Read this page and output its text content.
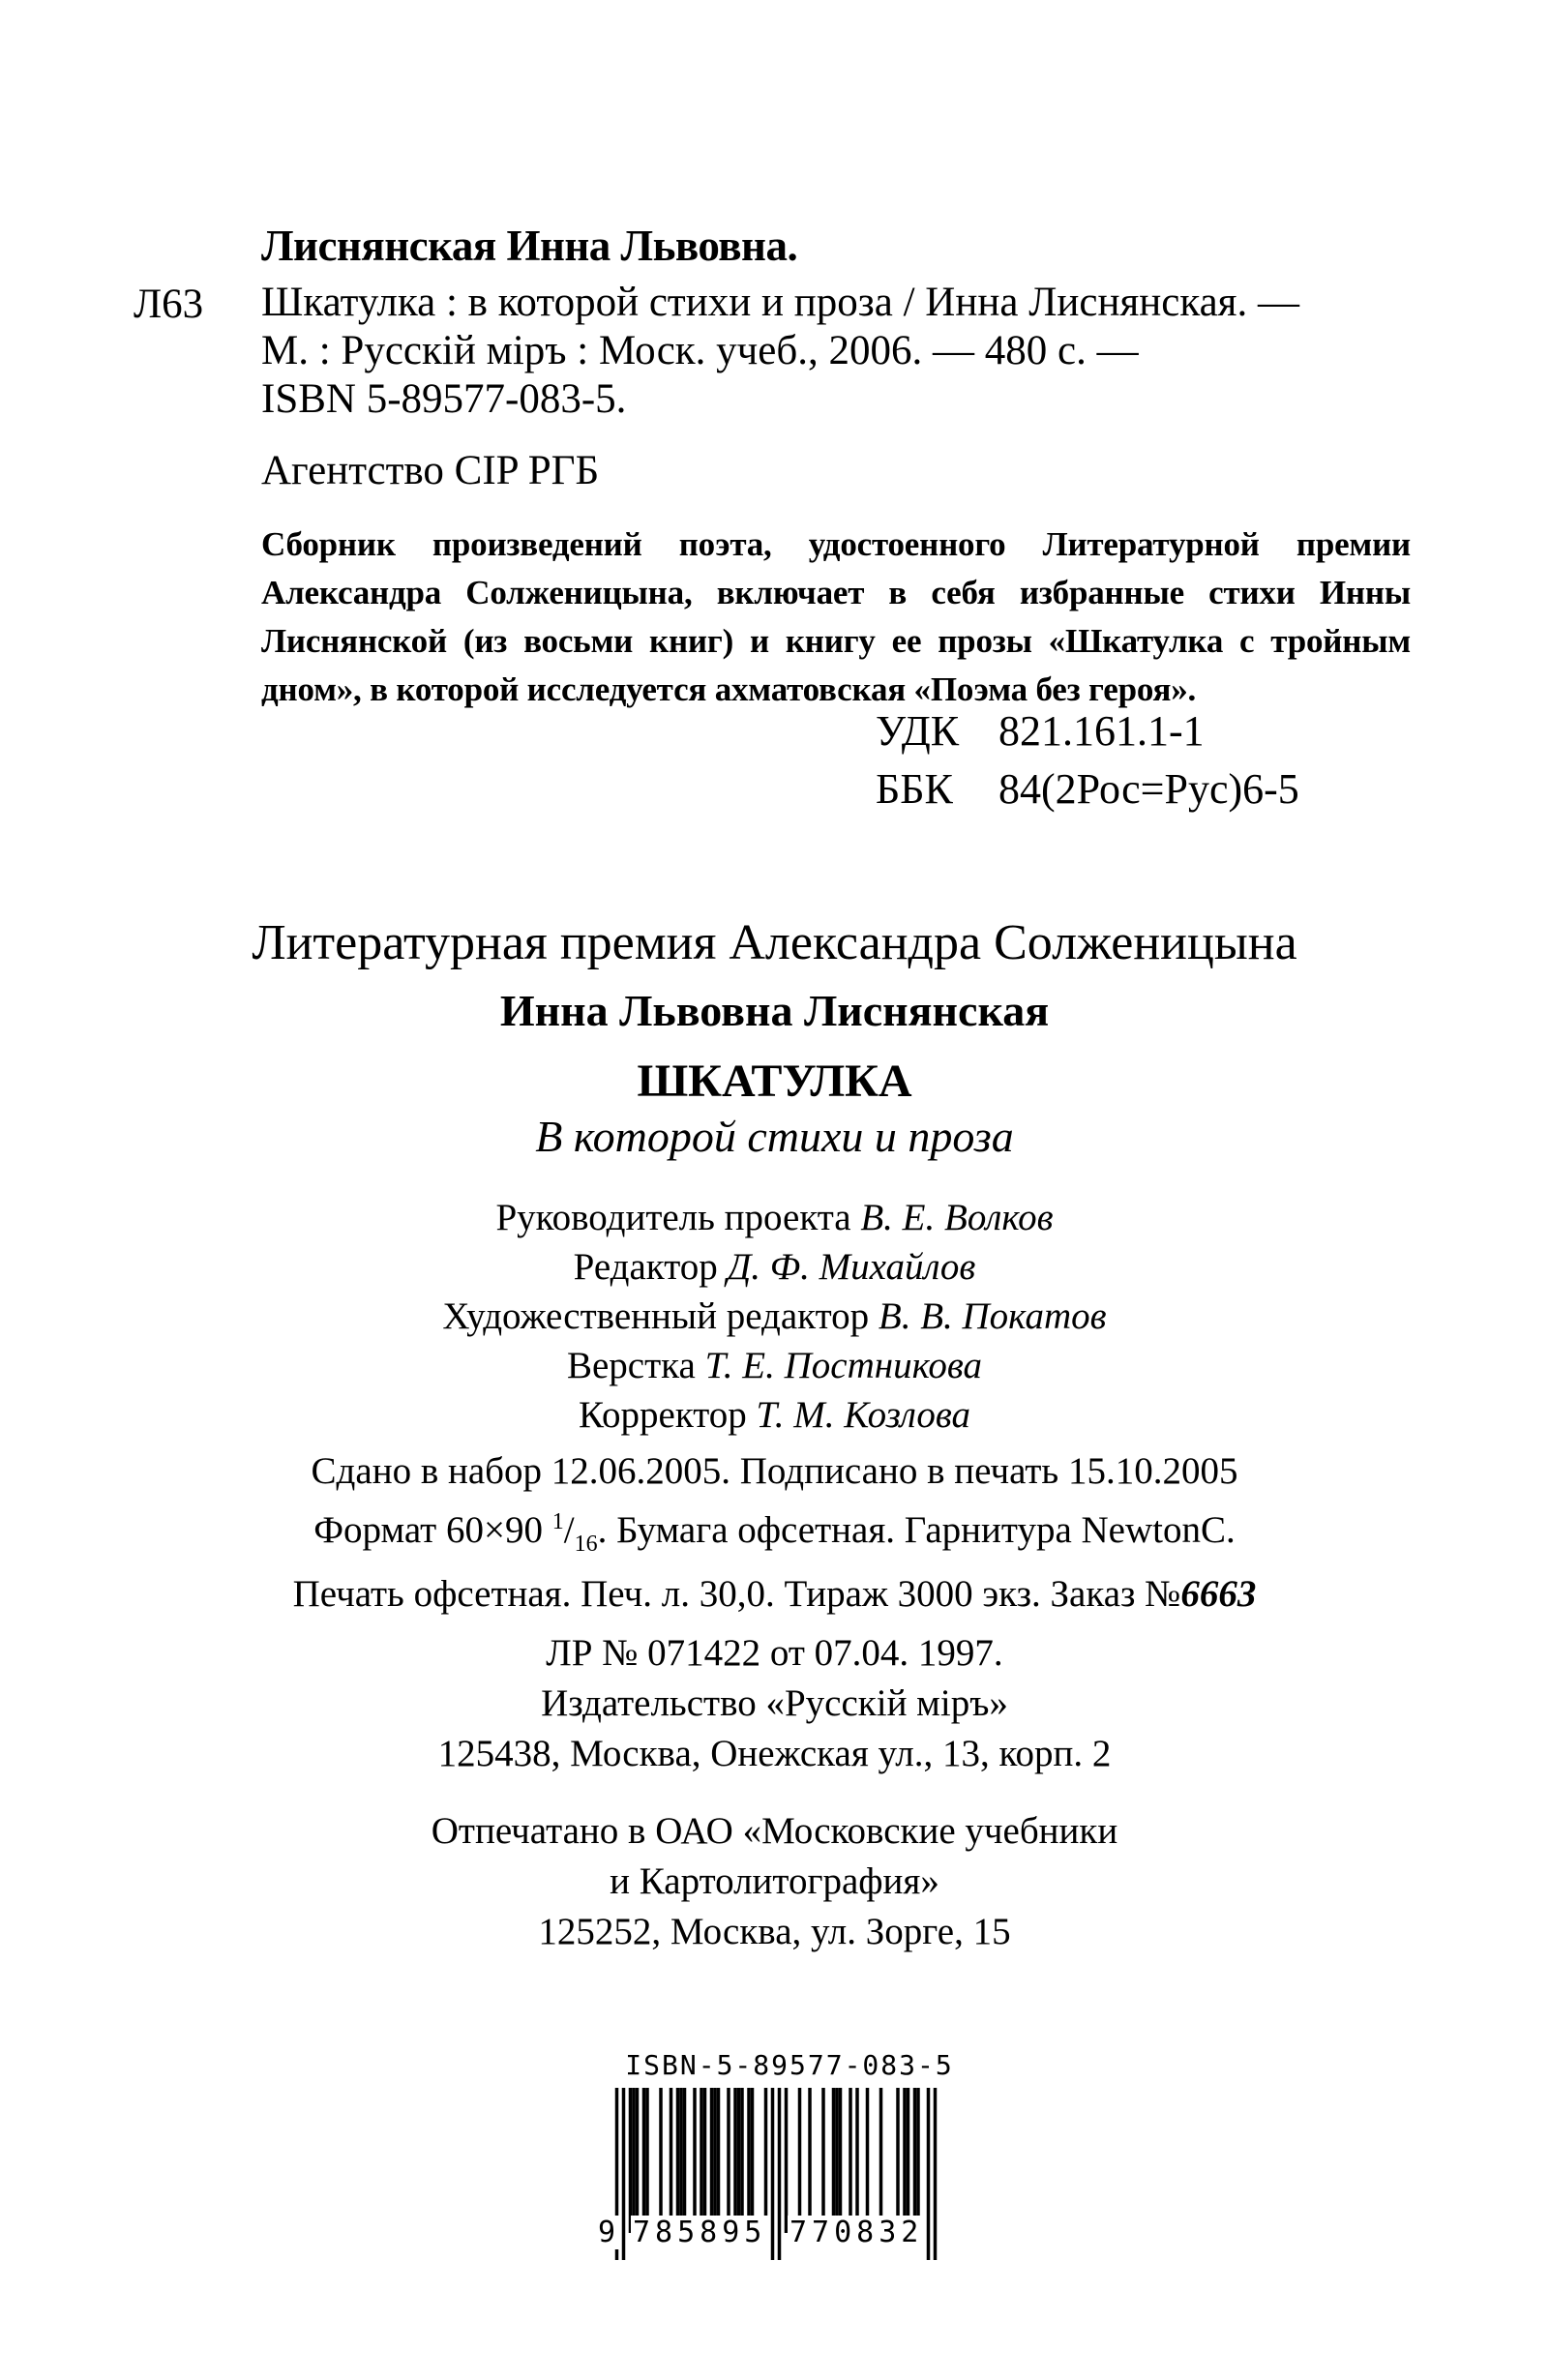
Лиснянская Инна Львовна.
Л63 Шкатулка : в которой стихи и проза / Инна Лиснянская. —
М. : Русскій міръ : Моск. учеб., 2006. — 480 с. —
ISBN 5-89577-083-5.
Агентство CIP РГБ
Сборник произведений поэта, удостоенного Литературной премии Александра Солженицына, включает в себя избранные стихи Инны Лиснянской (из восьми книг) и книгу ее прозы «Шкатулка с тройным дном», в которой исследуется ахматовская «Поэма без героя».
УДК 821.161.1-1
ББК 84(2Рос=Рус)6-5
Литературная премия Александра Солженицына
Инна Львовна Лиснянская
ШКАТУЛКА
В которой стихи и проза
Руководитель проекта В. Е. Волков
Редактор Д. Ф. Михайлов
Художественный редактор В. В. Покатов
Верстка Т. Е. Постникова
Корректор Т. М. Козлова
Сдано в набор 12.06.2005. Подписано в печать 15.10.2005
Формат 60×90 $^1/_{16}$. Бумага офсетная. Гарнитура NewtonC.
Печать офсетная. Печ. л. 30,0. Тираж 3000 экз. Заказ №6663
ЛР № 071422 от 07.04. 1997.
Издательство «Русскій міръ»
125438, Москва, Онежская ул., 13, корп. 2
Отпечатано в ОАО «Московские учебники
и Картолитография»
125252, Москва, ул. Зорге, 15
ISBN-5-89577-083-5
9 785895 770832
